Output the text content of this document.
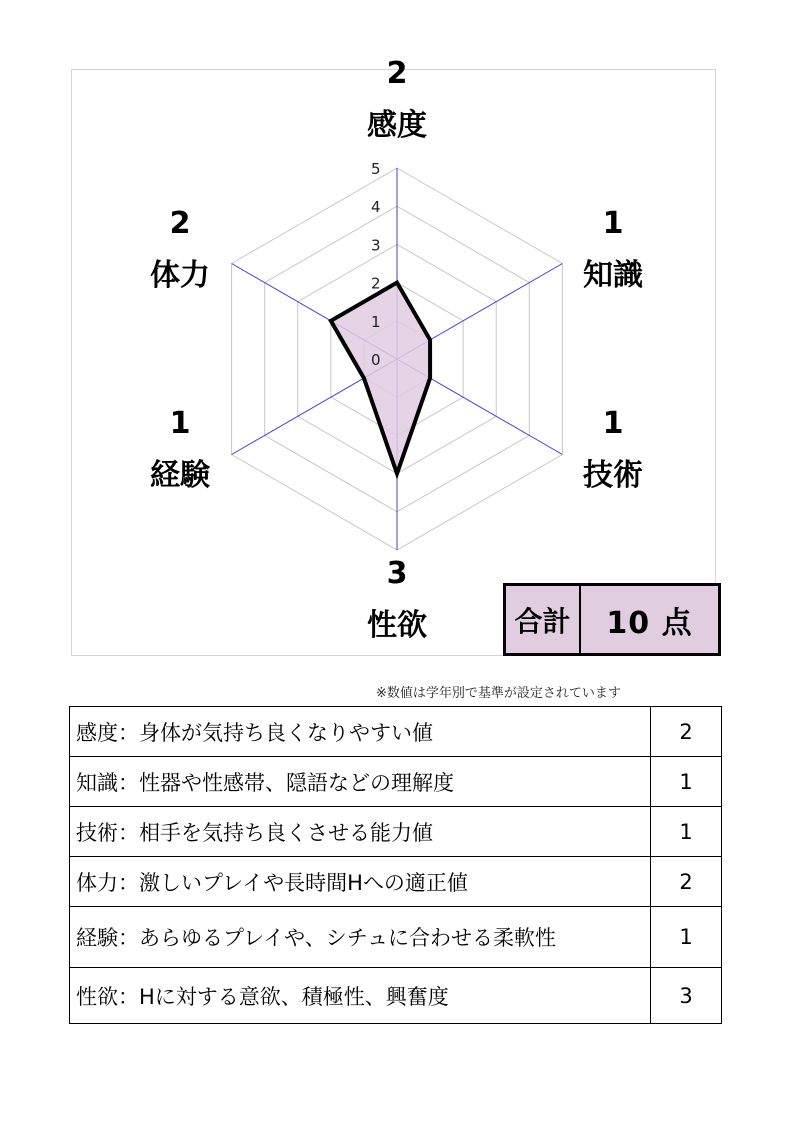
0
1
2
3
4
5
2
感度
1
知識
1
技術
3
性欲
1
経験
2
体力
合計	10 点
※数値は学年別で基準が設定されています
感度：身体が気持ち良くなりやすい値	2
知識：性器や性感帯、隠語などの理解度	1
技術：相手を気持ち良くさせる能力値	1
体力：激しいプレイや長時間Hへの適正値	2
経験：あらゆるプレイや、シチュに合わせる柔軟性	1
性欲：Hに対する意欲、積極性、興奮度	3
